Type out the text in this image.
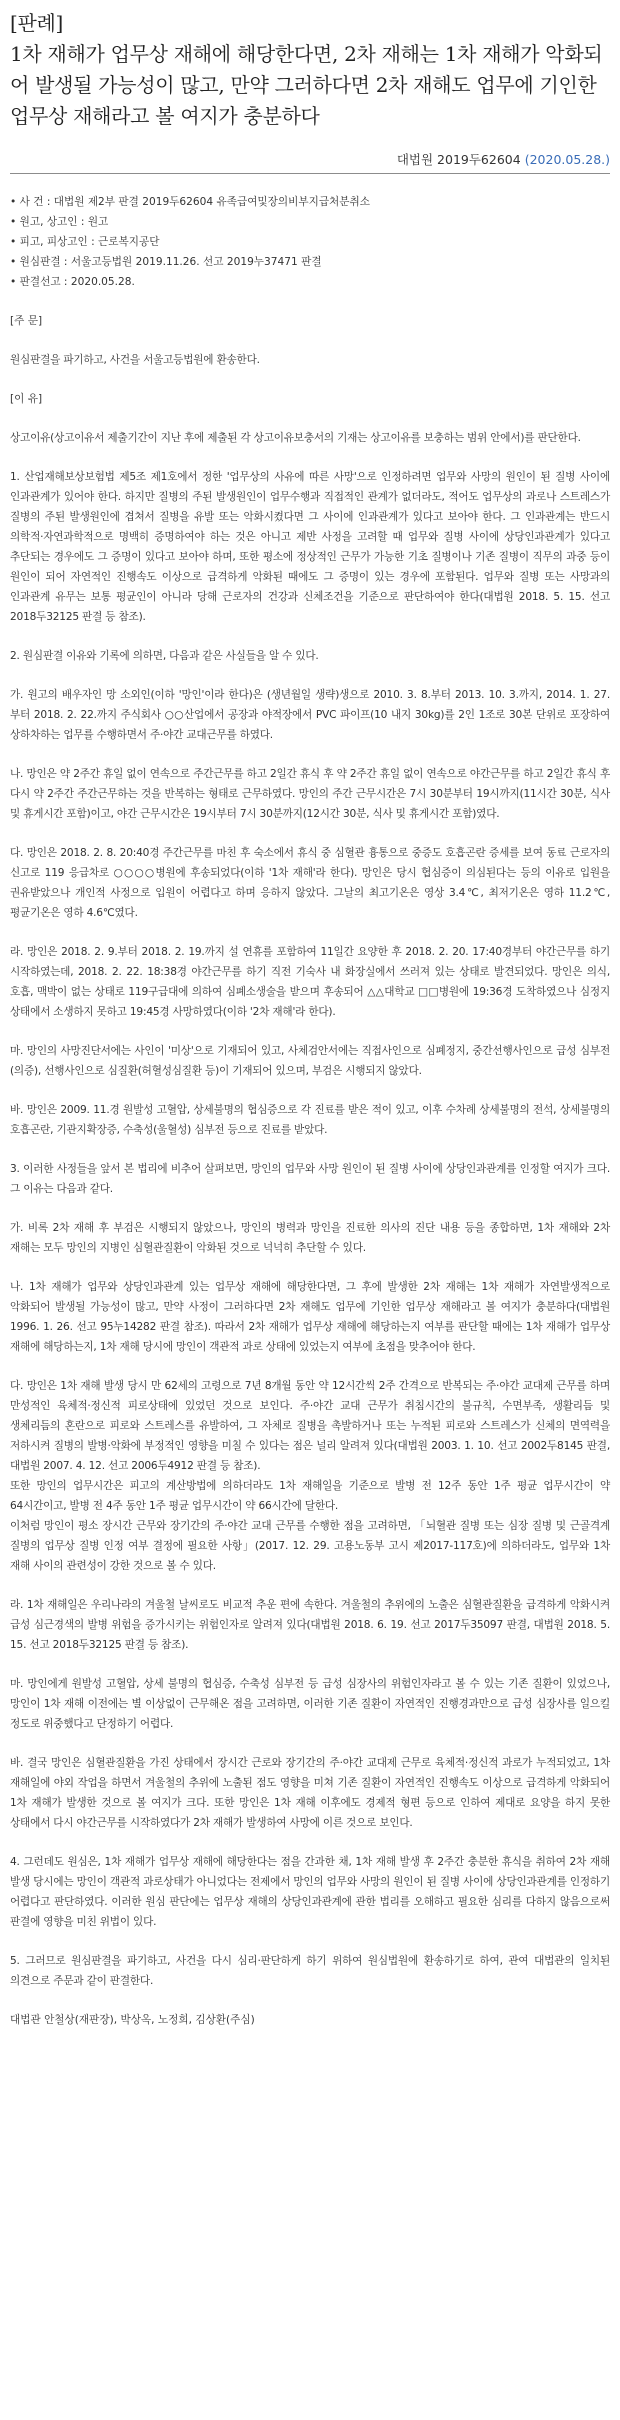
[판례]
1차 재해가 업무상 재해에 해당한다면, 2차 재해는 1차 재해가 악화되어 발생될 가능성이 많고, 만약 그러하다면 2차 재해도 업무에 기인한 업무상 재해라고 볼 여지가 충분하다
대법원 2019두62604 (2020.05.28.)
• 사 건 : 대법원 제2부 판결 2019두62604 유족급여및장의비부지급처분취소
• 원고, 상고인 : 원고
• 피고, 피상고인 : 근로복지공단
• 원심판결 : 서울고등법원 2019.11.26. 선고 2019누37471 판결
• 판결선고 : 2020.05.28.
[주 문]

원심판결을 파기하고, 사건을 서울고등법원에 환송한다.

[이 유]

상고이유(상고이유서 제출기간이 지난 후에 제출된 각 상고이유보충서의 기재는 상고이유를 보충하는 범위 안에서)를 판단한다.

1. 산업재해보상보험법 제5조 제1호에서 정한 '업무상의 사유에 따른 사망'으로 인정하려면 업무와 사망의 원인이 된 질병 사이에 인과관계가 있어야 한다. 하지만 질병의 주된 발생원인이 업무수행과 직접적인 관계가 없더라도, 적어도 업무상의 과로나 스트레스가 질병의 주된 발생원인에 겹쳐서 질병을 유발 또는 악화시켰다면 그 사이에 인과관계가 있다고 보아야 한다. 그 인과관계는 반드시 의학적·자연과학적으로 명백히 증명하여야 하는 것은 아니고 제반 사정을 고려할 때 업무와 질병 사이에 상당인과관계가 있다고 추단되는 경우에도 그 증명이 있다고 보아야 하며, 또한 평소에 정상적인 근무가 가능한 기초 질병이나 기존 질병이 직무의 과중 등이 원인이 되어 자연적인 진행속도 이상으로 급격하게 악화된 때에도 그 증명이 있는 경우에 포함된다. 업무와 질병 또는 사망과의 인과관계 유무는 보통 평균인이 아니라 당해 근로자의 건강과 신체조건을 기준으로 판단하여야 한다(대법원 2018. 5. 15. 선고 2018두32125 판결 등 참조).

2. 원심판결 이유와 기록에 의하면, 다음과 같은 사실들을 알 수 있다.

가. 원고의 배우자인 망 소외인(이하 '망인'이라 한다)은 (생년월일 생략)생으로 2010. 3. 8.부터 2013. 10. 3.까지, 2014. 1. 27.부터 2018. 2. 22.까지 주식회사 ○○산업에서 공장과 야적장에서 PVC 파이프(10 내지 30kg)를 2인 1조로 30본 단위로 포장하여 상하차하는 업무를 수행하면서 주·야간 교대근무를 하였다.

나. 망인은 약 2주간 휴일 없이 연속으로 주간근무를 하고 2일간 휴식 후 약 2주간 휴일 없이 연속으로 야간근무를 하고 2일간 휴식 후 다시 약 2주간 주간근무하는 것을 반복하는 형태로 근무하였다. 망인의 주간 근무시간은 7시 30분부터 19시까지(11시간 30분, 식사 및 휴게시간 포함)이고, 야간 근무시간은 19시부터 7시 30분까지(12시간 30분, 식사 및 휴게시간 포함)였다.

다. 망인은 2018. 2. 8. 20:40경 주간근무를 마친 후 숙소에서 휴식 중 심혈관 흉통으로 중증도 호흡곤란 증세를 보여 동료 근로자의 신고로 119 응급차로 ○○○○병원에 후송되었다(이하 '1차 재해'라 한다). 망인은 당시 협심증이 의심된다는 등의 이유로 입원을 권유받았으나 개인적 사정으로 입원이 어렵다고 하며 응하지 않았다. 그날의 최고기온은 영상 3.4℃, 최저기온은 영하 11.2℃, 평균기온은 영하 4.6℃였다.

라. 망인은 2018. 2. 9.부터 2018. 2. 19.까지 설 연휴를 포함하여 11일간 요양한 후 2018. 2. 20. 17:40경부터 야간근무를 하기 시작하였는데, 2018. 2. 22. 18:38경 야간근무를 하기 직전 기숙사 내 화장실에서 쓰러져 있는 상태로 발견되었다. 망인은 의식, 호흡, 맥박이 없는 상태로 119구급대에 의하여 심폐소생술을 받으며 후송되어 △△대학교 □□병원에 19:36경 도착하였으나 심정지 상태에서 소생하지 못하고 19:45경 사망하였다(이하 '2차 재해'라 한다).

마. 망인의 사망진단서에는 사인이 '미상'으로 기재되어 있고, 사체검안서에는 직접사인으로 심폐정지, 중간선행사인으로 급성 심부전(의증), 선행사인으로 심질환(허혈성심질환 등)이 기재되어 있으며, 부검은 시행되지 않았다.

바. 망인은 2009. 11.경 원발성 고혈압, 상세불명의 협심증으로 각 진료를 받은 적이 있고, 이후 수차례 상세불명의 전석, 상세불명의 호흡곤란, 기관지확장증, 수축성(울혈성) 심부전 등으로 진료를 받았다.

3. 이러한 사정들을 앞서 본 법리에 비추어 살펴보면, 망인의 업무와 사망 원인이 된 질병 사이에 상당인과관계를 인정할 여지가 크다. 그 이유는 다음과 같다.

가. 비록 2차 재해 후 부검은 시행되지 않았으나, 망인의 병력과 망인을 진료한 의사의 진단 내용 등을 종합하면, 1차 재해와 2차 재해는 모두 망인의 지병인 심혈관질환이 악화된 것으로 넉넉히 추단할 수 있다.

나. 1차 재해가 업무와 상당인과관계 있는 업무상 재해에 해당한다면, 그 후에 발생한 2차 재해는 1차 재해가 자연발생적으로 악화되어 발생될 가능성이 많고, 만약 사정이 그러하다면 2차 재해도 업무에 기인한 업무상 재해라고 볼 여지가 충분하다(대법원 1996. 1. 26. 선고 95누14282 판결 참조). 따라서 2차 재해가 업무상 재해에 해당하는지 여부를 판단할 때에는 1차 재해가 업무상 재해에 해당하는지, 1차 재해 당시에 망인이 객관적 과로 상태에 있었는지 여부에 초점을 맞추어야 한다.

다. 망인은 1차 재해 발생 당시 만 62세의 고령으로 7년 8개월 동안 약 12시간씩 2주 간격으로 반복되는 주·야간 교대제 근무를 하며 만성적인 육체적·정신적 피로상태에 있었던 것으로 보인다. 주·야간 교대 근무가 취침시간의 불규칙, 수면부족, 생활리듬 및 생체리듬의 혼란으로 피로와 스트레스를 유발하여, 그 자체로 질병을 촉발하거나 또는 누적된 피로와 스트레스가 신체의 면역력을 저하시켜 질병의 발병·악화에 부정적인 영향을 미칠 수 있다는 점은 널리 알려져 있다(대법원 2003. 1. 10. 선고 2002두8145 판결, 대법원 2007. 4. 12. 선고 2006두4912 판결 등 참조).
또한 망인의 업무시간은 피고의 계산방법에 의하더라도 1차 재해일을 기준으로 발병 전 12주 동안 1주 평균 업무시간이 약 64시간이고, 발병 전 4주 동안 1주 평균 업무시간이 약 66시간에 달한다.
이처럼 망인이 평소 장시간 근무와 장기간의 주·야간 교대 근무를 수행한 점을 고려하면, 「뇌혈관 질병 또는 심장 질병 및 근골격계 질병의 업무상 질병 인정 여부 결정에 필요한 사항」(2017. 12. 29. 고용노동부 고시 제2017-117호)에 의하더라도, 업무와 1차 재해 사이의 관련성이 강한 것으로 볼 수 있다.

라. 1차 재해일은 우리나라의 겨울철 날씨로도 비교적 추운 편에 속한다. 겨울철의 추위에의 노출은 심혈관질환을 급격하게 악화시켜 급성 심근경색의 발병 위험을 증가시키는 위험인자로 알려져 있다(대법원 2018. 6. 19. 선고 2017두35097 판결, 대법원 2018. 5. 15. 선고 2018두32125 판결 등 참조).

마. 망인에게 원발성 고혈압, 상세 불명의 협심증, 수축성 심부전 등 급성 심장사의 위험인자라고 볼 수 있는 기존 질환이 있었으나, 망인이 1차 재해 이전에는 별 이상없이 근무해온 점을 고려하면, 이러한 기존 질환이 자연적인 진행경과만으로 급성 심장사를 일으킬 정도로 위중했다고 단정하기 어렵다.

바. 결국 망인은 심혈관질환을 가진 상태에서 장시간 근로와 장기간의 주·야간 교대제 근무로 육체적·정신적 과로가 누적되었고, 1차 재해일에 야외 작업을 하면서 겨울철의 추위에 노출된 점도 영향을 미쳐 기존 질환이 자연적인 진행속도 이상으로 급격하게 악화되어 1차 재해가 발생한 것으로 볼 여지가 크다. 또한 망인은 1차 재해 이후에도 경제적 형편 등으로 인하여 제대로 요양을 하지 못한 상태에서 다시 야간근무를 시작하였다가 2차 재해가 발생하여 사망에 이른 것으로 보인다.

4. 그런데도 원심은, 1차 재해가 업무상 재해에 해당한다는 점을 간과한 채, 1차 재해 발생 후 2주간 충분한 휴식을 취하여 2차 재해 발생 당시에는 망인이 객관적 과로상태가 아니었다는 전제에서 망인의 업무와 사망의 원인이 된 질병 사이에 상당인과관계를 인정하기 어렵다고 판단하였다. 이러한 원심 판단에는 업무상 재해의 상당인과관계에 관한 법리를 오해하고 필요한 심리를 다하지 않음으로써 판결에 영향을 미친 위법이 있다.

5. 그러므로 원심판결을 파기하고, 사건을 다시 심리·판단하게 하기 위하여 원심법원에 환송하기로 하여, 관여 대법관의 일치된 의견으로 주문과 같이 판결한다.

대법관 안철상(재판장), 박상옥, 노정희, 김상환(주심)
